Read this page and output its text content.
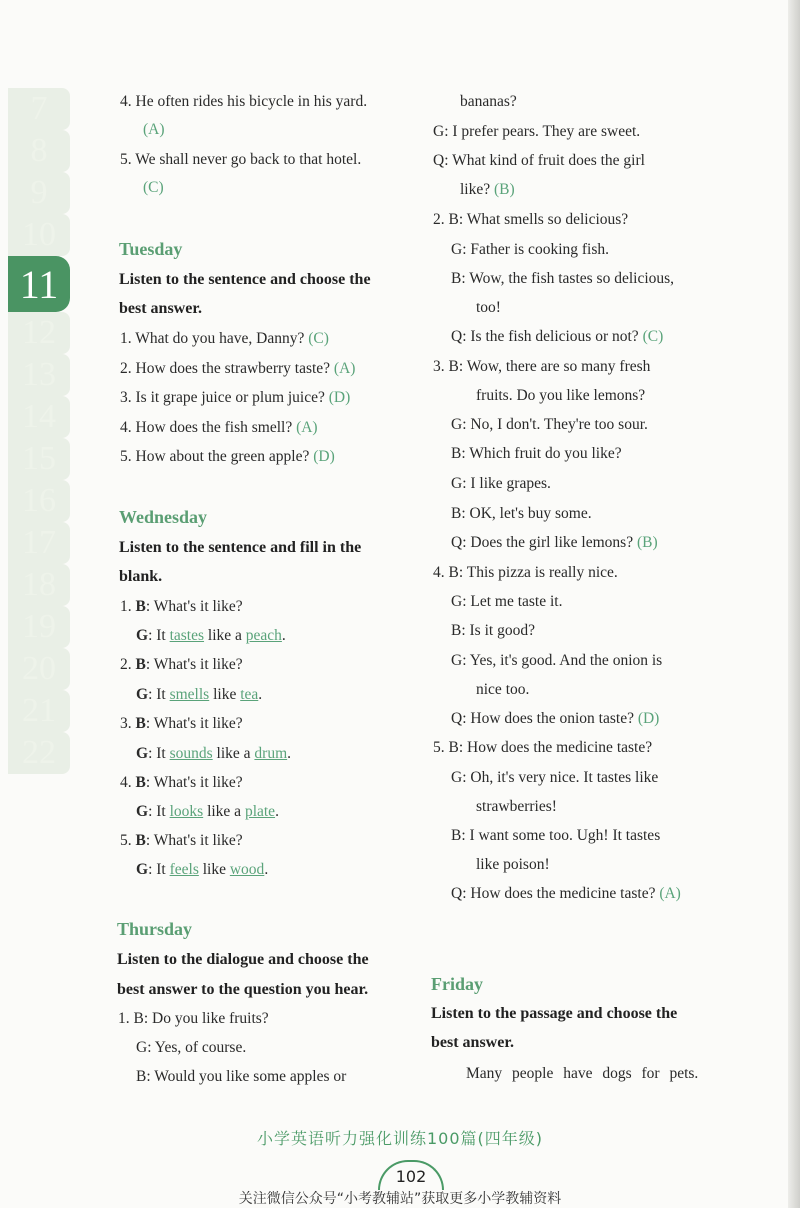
7
8
9
10
11
12
13
14
15
16
17
18
19
20
21
22
4. He often rides his bicycle in his yard.
(A)
5. We shall never go back to that hotel.
(C)
Tuesday
Listen to the sentence and choose the
best answer.
1. What do you have, Danny? (C)
2. How does the strawberry taste? (A)
3. Is it grape juice or plum juice? (D)
4. How does the fish smell? (A)
5. How about the green apple? (D)
Wednesday
Listen to the sentence and fill in the
blank.
1. B: What's it like?
G: It tastes like a peach.
2. B: What's it like?
G: It smells like tea.
3. B: What's it like?
G: It sounds like a drum.
4. B: What's it like?
G: It looks like a plate.
5. B: What's it like?
G: It feels like wood.
Thursday
Listen to the dialogue and choose the
best answer to the question you hear.
1. B: Do you like fruits?
G: Yes, of course.
B: Would you like some apples or
bananas?
G: I prefer pears. They are sweet.
Q: What kind of fruit does the girl
like? (B)
2. B: What smells so delicious?
G: Father is cooking fish.
B: Wow, the fish tastes so delicious,
too!
Q: Is the fish delicious or not? (C)
3. B: Wow, there are so many fresh
fruits. Do you like lemons?
G: No, I don't. They're too sour.
B: Which fruit do you like?
G: I like grapes.
B: OK, let's buy some.
Q: Does the girl like lemons? (B)
4. B: This pizza is really nice.
G: Let me taste it.
B: Is it good?
G: Yes, it's good. And the onion is
nice too.
Q: How does the onion taste? (D)
5. B: How does the medicine taste?
G: Oh, it's very nice. It tastes like
strawberries!
B: I want some too. Ugh! It tastes
like poison!
Q: How does the medicine taste? (A)
Friday
Listen to the passage and choose the
best answer.
Many people have dogs for pets.
小学英语听力强化训练100篇(四年级)
102
关注微信公众号“小考教辅站”获取更多小学教辅资料
